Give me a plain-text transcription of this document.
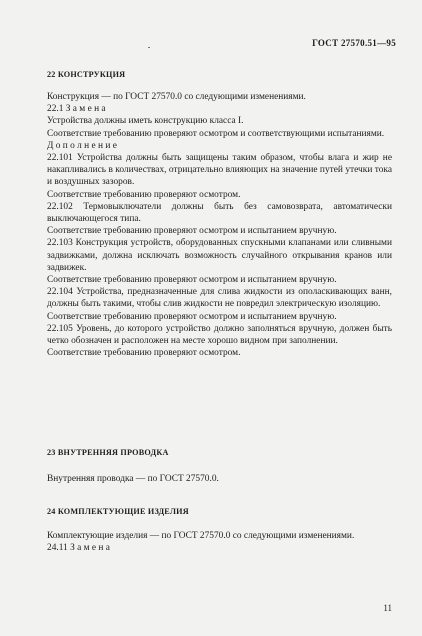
ГОСТ 27570.51—95
22 КОНСТРУКЦИЯ

Конструкция — по ГОСТ 27570.0 со следующими изменениями.

22.1 З а м е н а

Устройства должны иметь конструкцию класса I.

Соответствие требованию проверяют осмотром и соответствующими испытаниями.

Д о п о л н е н и е

22.101 Устройства должны быть защищены таким образом, чтобы влага и жир не накапливались в количествах, отрицательно влияющих на значение путей утечки тока и воздушных зазоров.

Соответствие требованию проверяют осмотром.

22.102 Термовыключатели должны быть без самовозврата, автоматически выключающегося типа.

Соответствие требованию проверяют осмотром и испытанием вручную.

22.103 Конструкция устройств, оборудованных спускными клапанами или сливными задвижками, должна исключать возможность случайного открывания кранов или задвижек.

Соответствие требованию проверяют осмотром и испытанием вручную.

22.104 Устройства, предназначенные для слива жидкости из ополаскивающих ванн, должны быть такими, чтобы слив жидкости не повредил электрическую изоляцию.

Соответствие требованию проверяют осмотром и испытанием вручную.

22.105 Уровень, до которого устройство должно заполняться вручную, должен быть четко обозначен и расположен на месте хорошо видном при заполнении.

Соответствие требованию проверяют осмотром.

23 ВНУТРЕННЯЯ ПРОВОДКА

Внутренняя проводка — по ГОСТ 27570.0.

24 КОМПЛЕКТУЮЩИЕ ИЗДЕЛИЯ

Комплектующие изделия — по ГОСТ 27570.0 со следующими изменениями.

24.11 З а м е н а

11
